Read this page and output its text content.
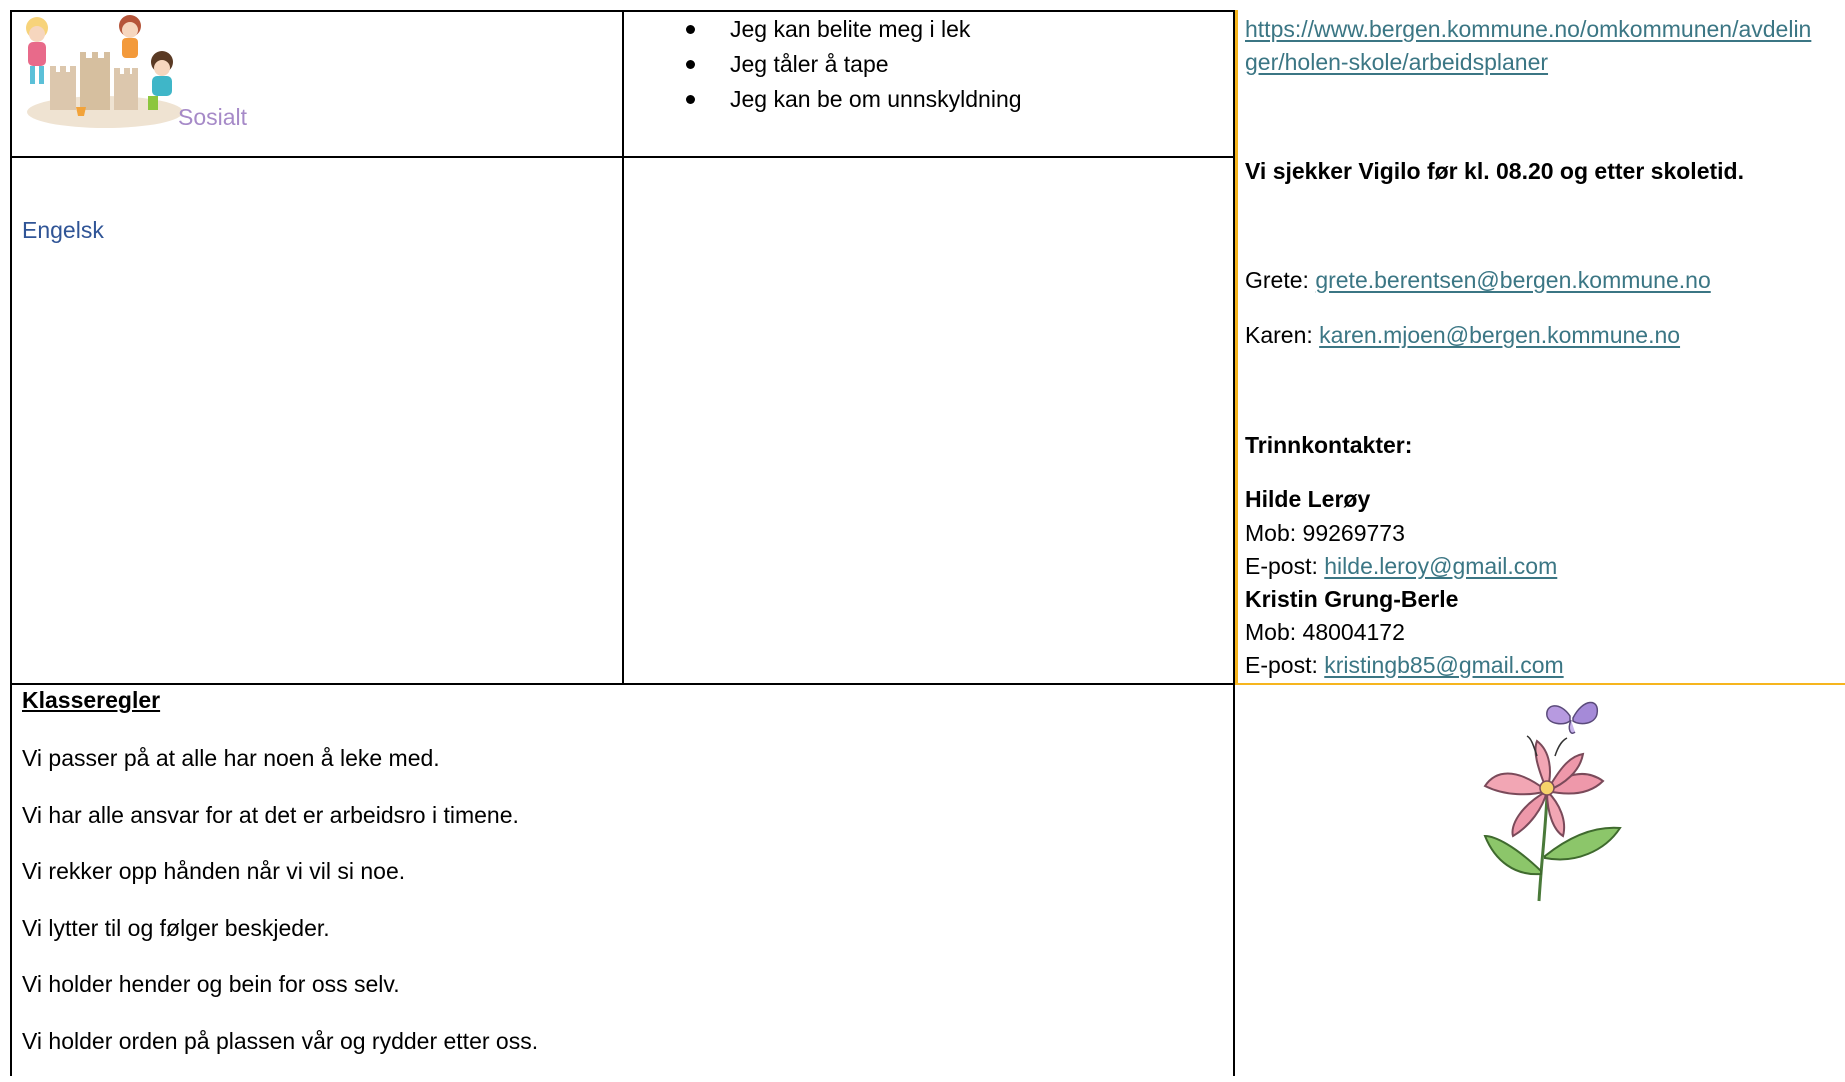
Sosialt
Jeg kan belite meg i lek
Jeg tåler å tape
Jeg kan be om unnskyldning
Engelsk
https://www.bergen.kommune.no/omkommunen/avdelin
ger/holen-skole/arbeidsplaner
Vi sjekker Vigilo før kl. 08.20 og etter skoletid.
Grete: grete.berentsen@bergen.kommune.no
Karen: karen.mjoen@bergen.kommune.no
Trinnkontakter:
Hilde Lerøy
Mob: 99269773
E-post: hilde.leroy@gmail.com
Kristin Grung-Berle
Mob: 48004172
E-post: kristingb85@gmail.com
Klasseregler
Vi passer på at alle har noen å leke med.
Vi har alle ansvar for at det er arbeidsro i timene.
Vi rekker opp hånden når vi vil si noe.
Vi lytter til og følger beskjeder.
Vi holder hender og bein for oss selv.
Vi holder orden på plassen vår og rydder etter oss.
